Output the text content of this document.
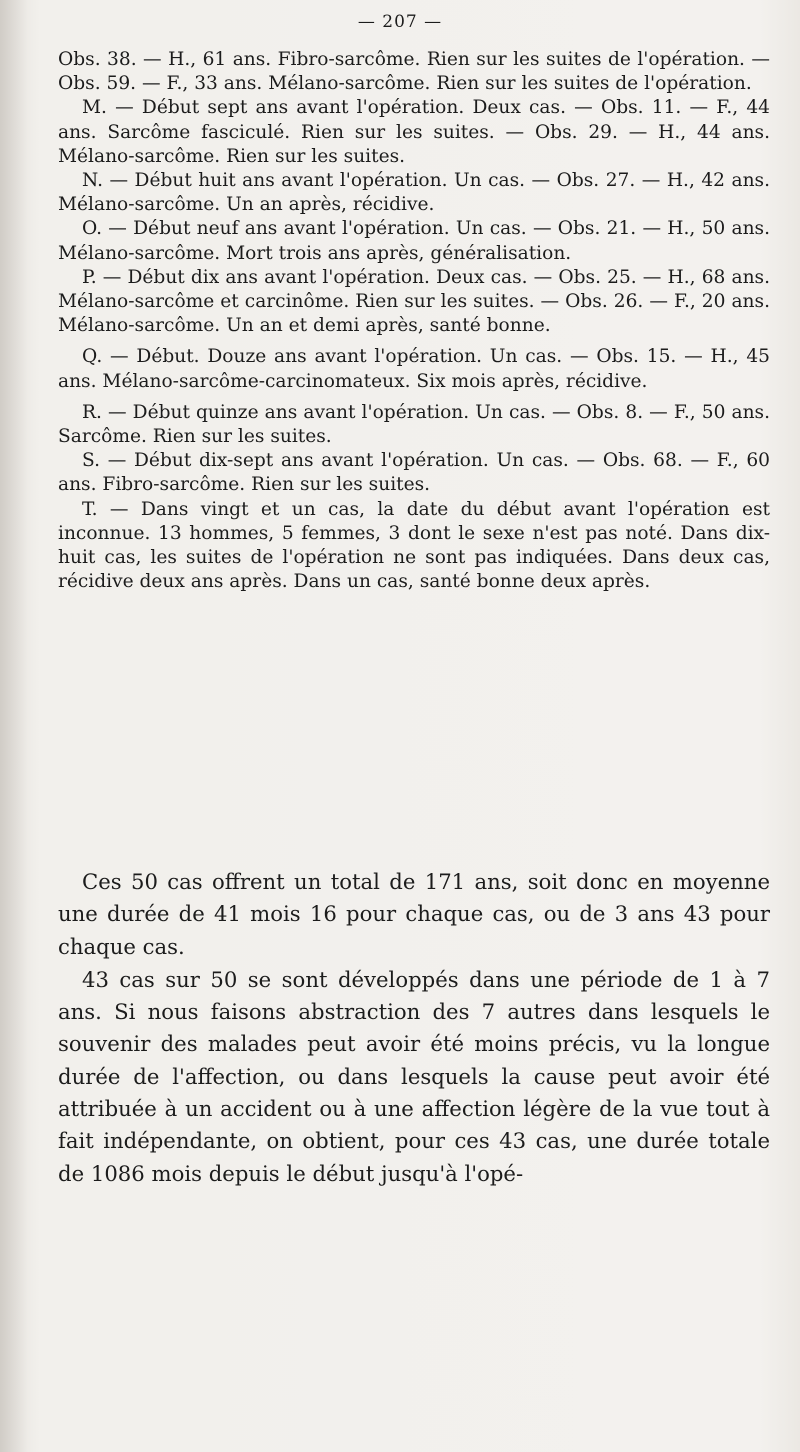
— 207 —

Obs. 38. — H., 61 ans. Fibro-sarcôme. Rien sur les suites de l'opération. — Obs. 59. — F., 33 ans. Mélano-sarcôme. Rien sur les suites de l'opération.

M. — Début sept ans avant l'opération. Deux cas. — Obs. 11. — F., 44 ans. Sarcôme fasciculé. Rien sur les suites. — Obs. 29. — H., 44 ans. Mélano-sarcôme. Rien sur les suites.

N. — Début huit ans avant l'opération. Un cas. — Obs. 27. — H., 42 ans. Mélano-sarcôme. Un an après, récidive.

O. — Début neuf ans avant l'opération. Un cas. — Obs. 21. — H., 50 ans. Mélano-sarcôme. Mort trois ans après, généralisation.

P. — Début dix ans avant l'opération. Deux cas. — Obs. 25. — H., 68 ans. Mélano-sarcôme et carcinôme. Rien sur les suites. — Obs. 26. — F., 20 ans. Mélano-sarcôme. Un an et demi après, santé bonne.

Q. — Début. Douze ans avant l'opération. Un cas. — Obs. 15. — H., 45 ans. Mélano-sarcôme-carcinomateux. Six mois après, récidive.

R. — Début quinze ans avant l'opération. Un cas. — Obs. 8. — F., 50 ans. Sarcôme. Rien sur les suites.

S. — Début dix-sept ans avant l'opération. Un cas. — Obs. 68. — F., 60 ans. Fibro-sarcôme. Rien sur les suites.

T. — Dans vingt et un cas, la date du début avant l'opération est inconnue. 13 hommes, 5 femmes, 3 dont le sexe n'est pas noté. Dans dix-huit cas, les suites de l'opération ne sont pas indiquées. Dans deux cas, récidive deux ans après. Dans un cas, santé bonne deux après.

Ces 50 cas offrent un total de 171 ans, soit donc en moyenne une durée de 41 mois 16 pour chaque cas, ou de 3 ans 43 pour chaque cas.

43 cas sur 50 se sont développés dans une période de 1 à 7 ans. Si nous faisons abstraction des 7 autres dans lesquels le souvenir des malades peut avoir été moins précis, vu la longue durée de l'affection, ou dans lesquels la cause peut avoir été attribuée à un accident ou à une affection légère de la vue tout à fait indépendante, on obtient, pour ces 43 cas, une durée totale de 1086 mois depuis le début jusqu'à l'opé-
